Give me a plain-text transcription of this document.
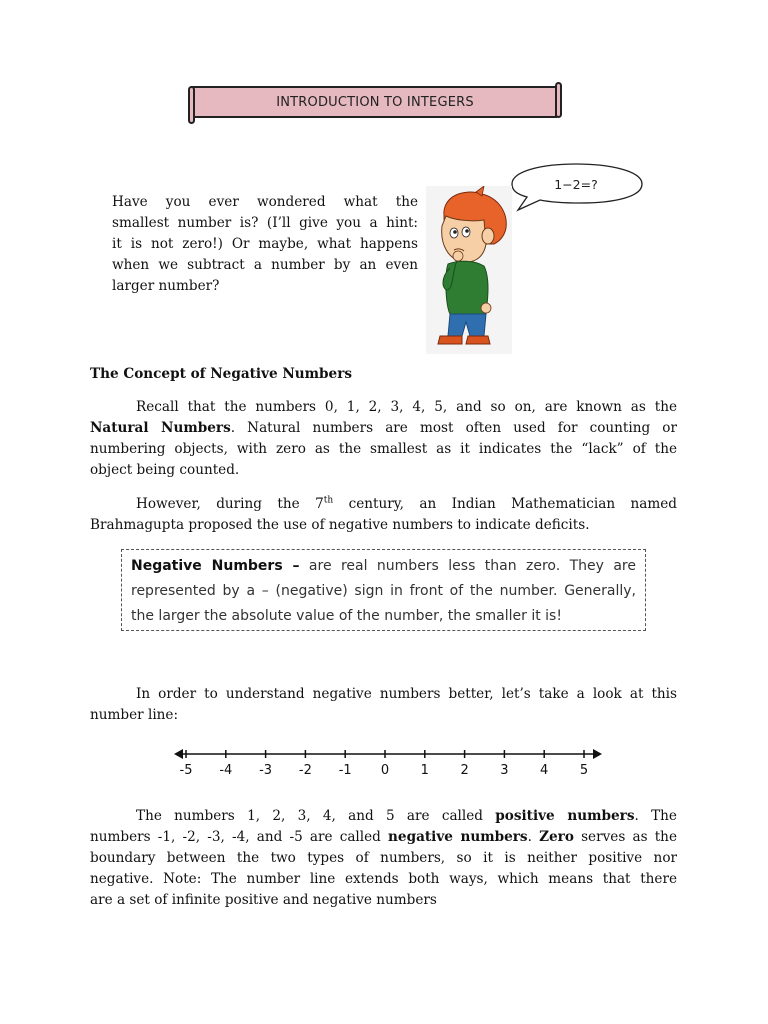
INTRODUCTION TO INTEGERS
Have you ever wondered what the
smallest number is? (I’ll give you a hint:
it is not zero!) Or maybe, what happens
when we subtract a number by an even
larger number?
1−2=?
The Concept of Negative Numbers
Recall that the numbers 0, 1, 2, 3, 4, 5, and so on, are known as the
Natural Numbers. Natural numbers are most often used for counting or
numbering objects, with zero as the smallest as it indicates the “lack” of the
object being counted.
However, during the 7th century, an Indian Mathematician named
Brahmagupta proposed the use of negative numbers to indicate deficits.
Negative Numbers – are real numbers less than zero. They are
represented by a – (negative) sign in front of the number. Generally,
the larger the absolute value of the number, the smaller it is!
In order to understand negative numbers better, let’s take a look at this
number line:
-5 -4 -3 -2 -1 0 1 2 3 4 5
The numbers 1, 2, 3, 4, and 5 are called positive numbers. The
numbers -1, -2, -3, -4, and -5 are called negative numbers. Zero serves as the
boundary between the two types of numbers, so it is neither positive nor
negative. Note: The number line extends both ways, which means that there
are a set of infinite positive and negative numbers
